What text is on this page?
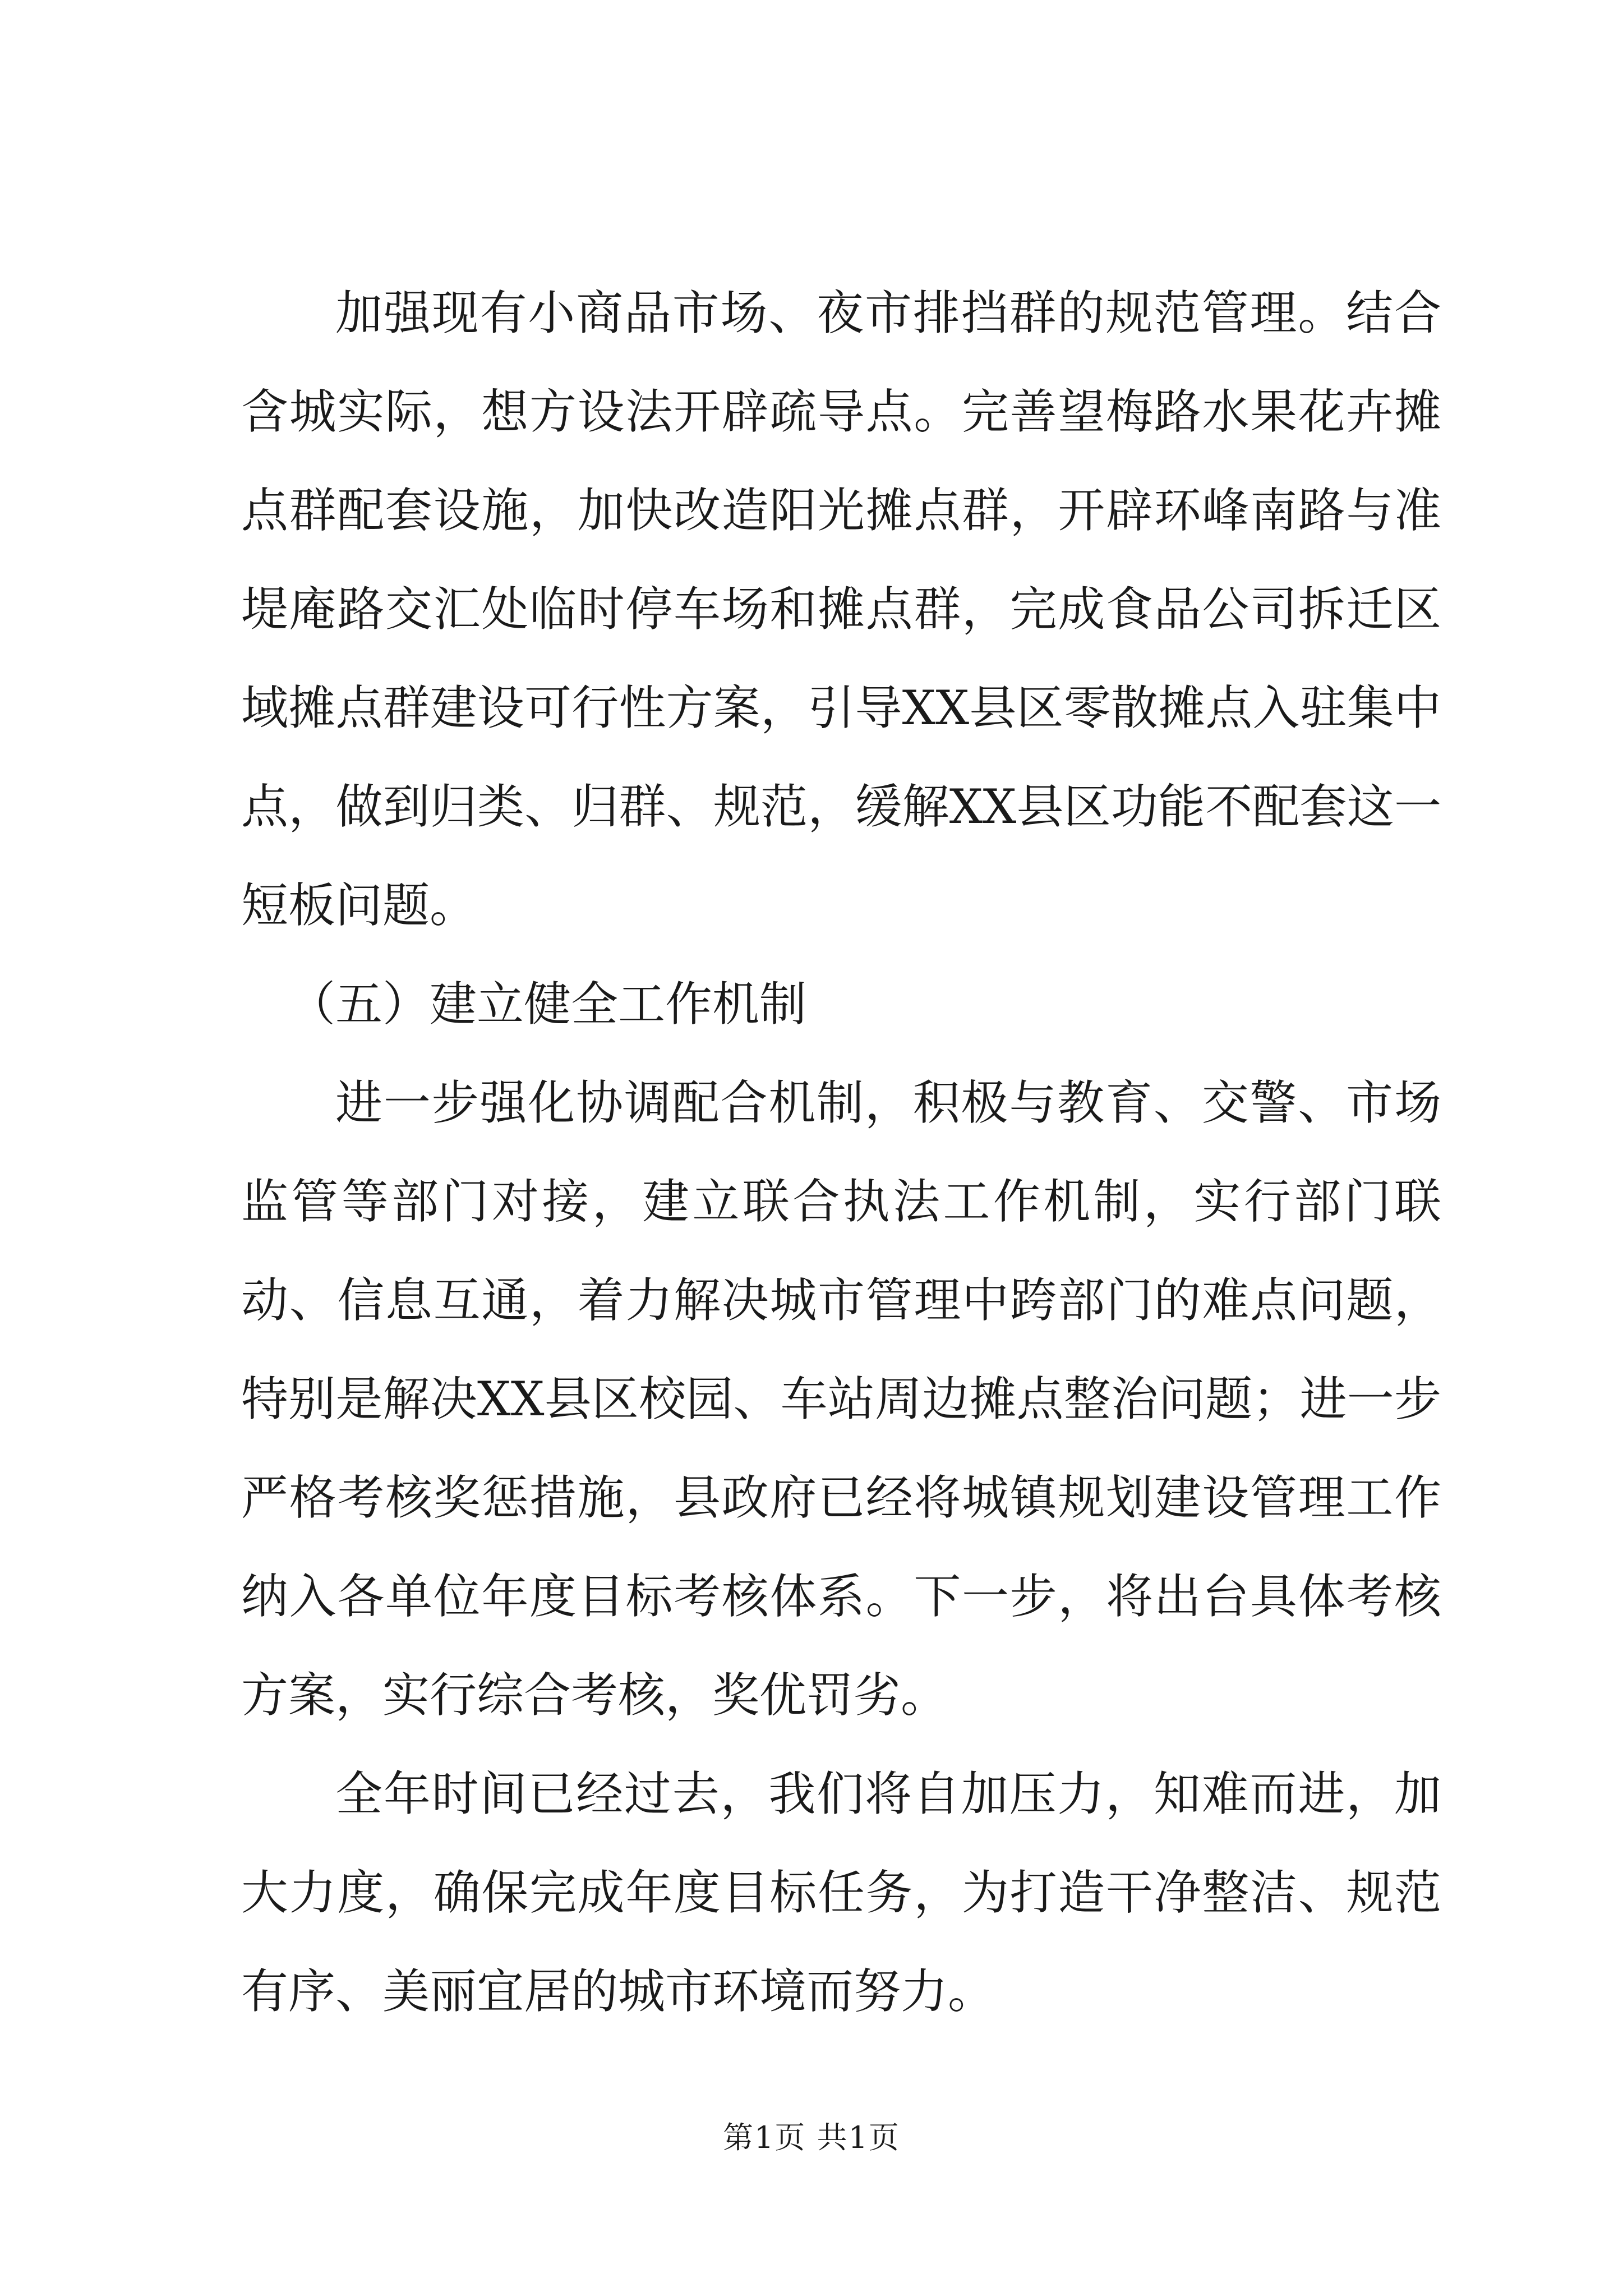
加强现有小商品市场、夜市排挡群的规范管理。结合含城实际，想方设法开辟疏导点。完善望梅路水果花卉摊点群配套设施，加快改造阳光摊点群，开辟环峰南路与准堤庵路交汇处临时停车场和摊点群，完成食品公司拆迁区域摊点群建设可行性方案，引导XX县区零散摊点入驻集中点，做到归类、归群、规范，缓解XX县区功能不配套这一短板问题。

（五）建立健全工作机制

进一步强化协调配合机制，积极与教育、交警、市场监管等部门对接，建立联合执法工作机制，实行部门联动、信息互通，着力解决城市管理中跨部门的难点问题，特别是解决XX县区校园、车站周边摊点整治问题；进一步严格考核奖惩措施，县政府已经将城镇规划建设管理工作纳入各单位年度目标考核体系。下一步，将出台具体考核方案，实行综合考核，奖优罚劣。

全年时间已经过去，我们将自加压力，知难而进，加大力度，确保完成年度目标任务，为打造干净整洁、规范有序、美丽宜居的城市环境而努力。

第1页 共1页
